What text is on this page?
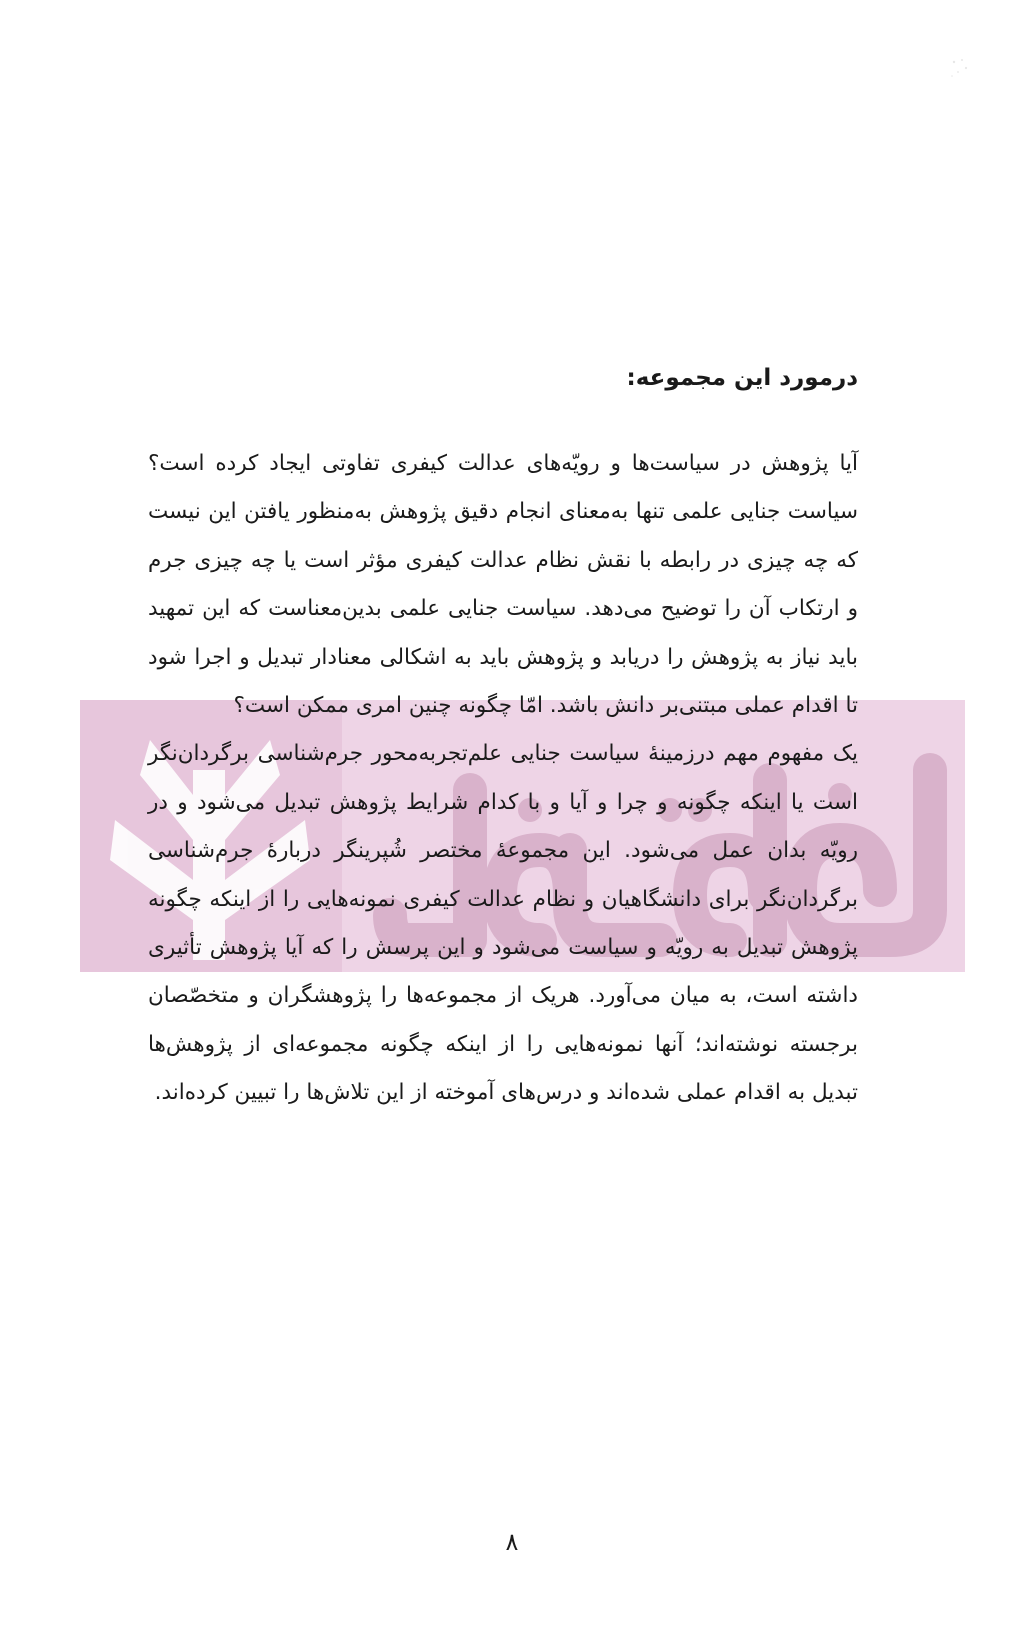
درمورد این مجموعه:

آیا پژوهش در سیاست‌ها و رویّه‌های عدالت کیفری تفاوتی ایجاد کرده است؟ سیاست جنایی علمی تنها به‌معنای انجام دقیق پژوهش به‌منظور یافتن این نیست که چه چیزی در رابطه با نقش نظام عدالت کیفری مؤثر است یا چه چیزی جرم و ارتکاب آن را توضیح می‌دهد. سیاست جنایی علمی بدین‌معناست که این تمهید باید نیاز به پژوهش را دریابد و پژوهش باید به اشکالی معنادار تبدیل و اجرا شود تا اقدام عملی مبتنی‌بر دانش باشد. امّا چگونه چنین امری ممکن است؟

یک مفهوم مهم درزمینهٔ سیاست جنایی علم‌تجربه‌محور جرم‌شناسی برگردان‌نگر است یا اینکه چگونه و چرا و آیا و با کدام شرایط پژوهش تبدیل می‌شود و در رویّه بدان عمل می‌شود. این مجموعهٔ مختصر شُپرینگر دربارهٔ جرم‌شناسی برگردان‌نگر برای دانشگاهیان و نظام عدالت کیفری نمونه‌هایی را از اینکه چگونه پژوهش تبدیل به رویّه و سیاست می‌شود و این پرسش را که آیا پژوهش تأثیری داشته است، به میان می‌آورد. هریک از مجموعه‌ها را پژوهشگران و متخصّصان برجسته نوشته‌اند؛ آنها نمونه‌هایی را از اینکه چگونه مجموعه‌ای از پژوهش‌ها تبدیل به اقدام عملی شده‌اند و درس‌های آموخته از این تلاش‌ها را تبیین کرده‌اند.

۸
